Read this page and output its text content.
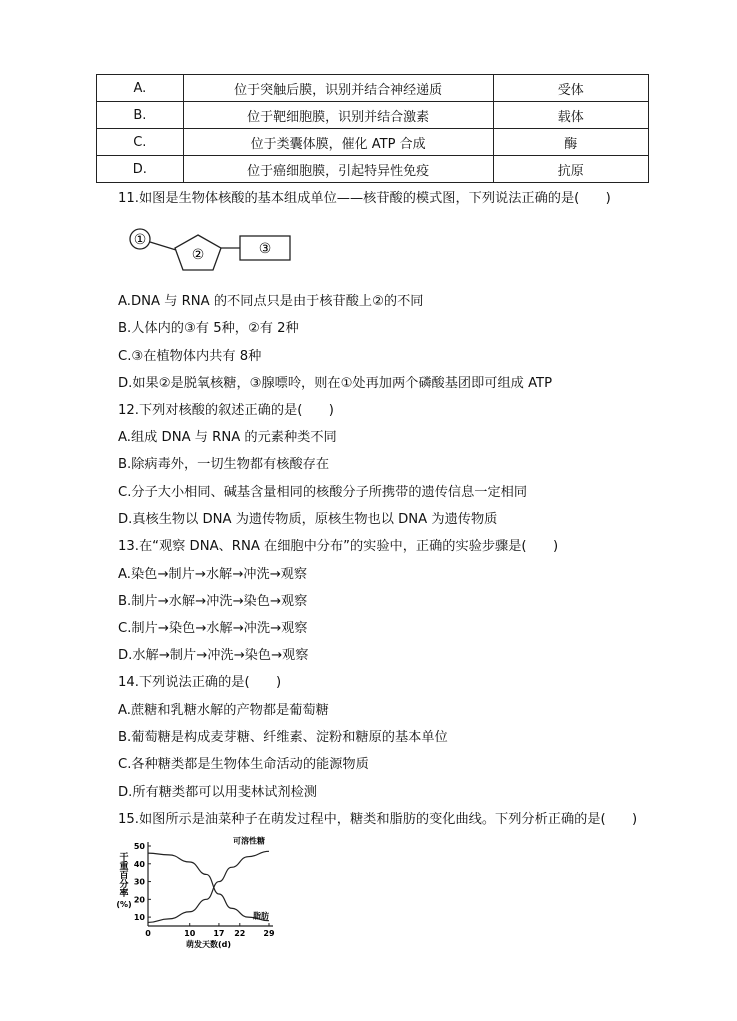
A.	位于突触后膜，识别并结合神经递质	受体
B.	位于靶细胞膜，识别并结合激素	载体
C.	位于类囊体膜，催化 ATP 合成	酶
D.	位于癌细胞膜，引起特异性免疫	抗原
11.如图是生物体核酸的基本组成单位——核苷酸的模式图，下列说法正确的是(　　)
①
②	③
A.DNA 与 RNA 的不同点只是由于核苷酸上②的不同
B.人体内的③有 5种，②有 2种
C.③在植物体内共有 8种
D.如果②是脱氧核糖，③腺嘌呤，则在①处再加两个磷酸基团即可组成 ATP
12.下列对核酸的叙述正确的是(　　)
A.组成 DNA 与 RNA 的元素种类不同
B.除病毒外，一切生物都有核酸存在
C.分子大小相同、碱基含量相同的核酸分子所携带的遗传信息一定相同
D.真核生物以 DNA 为遗传物质，原核生物也以 DNA 为遗传物质
13.在“观察 DNA、RNA 在细胞中分布”的实验中，正确的实验步骤是(　　)
A.染色→制片→水解→冲洗→观察
B.制片→水解→冲洗→染色→观察
C.制片→染色→水解→冲洗→观察
D.水解→制片→冲洗→染色→观察
14.下列说法正确的是(　　)
A.蔗糖和乳糖水解的产物都是葡萄糖
B.葡萄糖是构成麦芽糖、纤维素、淀粉和糖原的基本单位
C.各种糖类都是生物体生命活动的能源物质
D.所有糖类都可以用斐林试剂检测
15.如图所示是油菜种子在萌发过程中，糖类和脂肪的变化曲线。下列分析正确的是(　　)
干重百分率(%)
10
20
30
40
50
0	10 17 22 29
可溶性糖
脂肪
萌发天数(d)
